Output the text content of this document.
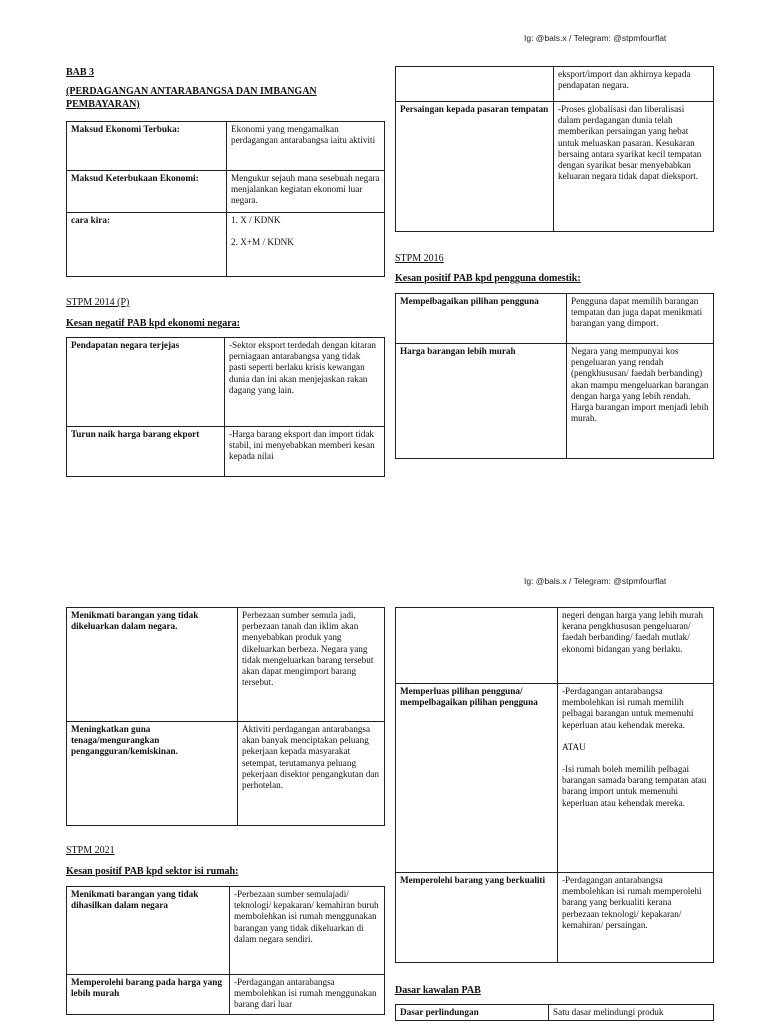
Ig: @bals.x / Telegram: @stpmfourflat
BAB 3
(PERDAGANGAN ANTARABANGSA DAN IMBANGAN PEMBAYARAN)
Maksud Ekonomi Terbuka:	Ekonomi yang mengamalkan perdagangan antarabangsa iaitu aktiviti
Maksud Keterbukaan Ekonomi:	Mengukur sejauh mana sesebuah negara menjalankan kegiatan ekonomi luar negara.
cara kira:	1. X / KDNK
2. X+M / KDNK
STPM 2014 (P)
Kesan negatif PAB kpd ekonomi negara:
Pendapatan negara terjejas	-Sektor eksport terdedah dengan kitaran perniagaan antarabangsa yang tidak pasti seperti berlaku krisis kewangan dunia dan ini akan menjejaskan rakan dagang yang lain.
Turun naik harga barang ekport	-Harga barang eksport dan import tidak stabil, ini menyebabkan memberi kesan kepada nilai
	eksport/import dan akhirnya kepada pendapatan negara.
Persaingan kepada pasaran tempatan	-Proses globalisasi dan liberalisasi dalam perdagangan dunia telah memberikan persaingan yang hebat untuk meluaskan pasaran. Kesukaran bersaing antara syarikat kecil tempatan dengan syarikat besar menyebabkan keluaran negara tidak dapat dieksport.
STPM 2016
Kesan positif PAB kpd pengguna domestik:
Mempelbagaikan pilihan pengguna	Pengguna dapat memilih barangan tempatan dan juga dapat menikmati barangan yang dimport.
Harga barangan lebih murah	Negara yang mempunyai kos pengeluaran yang rendah (pengkhususan/ faedah berbanding) akan mampu mengeluarkan barangan dengan harga yang lebih rendah. Harga barangan import menjadi lebih murah.
Ig: @bals.x / Telegram: @stpmfourflat
Menikmati barangan yang tidak dikeluarkan dalam negara.	Perbezaan sumber semula jadi, perbezaan tanah dan iklim akan menyebabkan produk yang dikeluarkan berbeza. Negara yang tidak mengeluarkan barang tersebut akan dapat mengimport barang tersebut.
Meningkatkan guna tenaga/mengurangkan pengangguran/kemiskinan.	Aktiviti perdagangan antarabangsa akan banyak menciptakan peluang pekerjaan kepada masyarakat setempat, terutamanya peluang pekerjaan disektor pengangkutan dan perhotelan.
STPM 2021
Kesan positif PAB kpd sektor isi rumah:
Menikmati barangan yang tidak dihasilkan dalam negara	-Perbezaan sumber semulajadi/ teknologi/ kepakaran/ kemahiran buruh membolehkan isi rumah menggunakan barangan yang tidak dikeluarkan di dalam negara sendiri.
Memperolehi barang pada harga yang lebih murah	-Perdagangan antarabangsa membolehkan isi rumah menggunakan barang dari luar
	negeri dengan harga yang lebih murah kerana pengkhususan pengeluaran/ faedah berbanding/ faedah mutlak/ ekonomi bidangan yang berlaku.
Memperluas pilihan pengguna/ mempelbagaikan pilihan pengguna	-Perdagangan antarabangsa membolehkan isi rumah memilih pelbagai barangan untuk memenuhi keperluan atau kehendak mereka.
ATAU
-Isi rumah boleh memilih pelbagai barangan samada barang tempatan atau barang import untuk memenuhi keperluan atau kehendak mereka.

Memperolehi barang yang berkualiti	-Perdagangan antarabangsa membolehkan isi rumah memperolehi barang yang berkualiti kerana perbezaan teknologi/ kepakaran/ kemahiran/ persaingan.
Dasar kawalan PAB
Dasar perlindungan	Satu dasar melindungi produk
